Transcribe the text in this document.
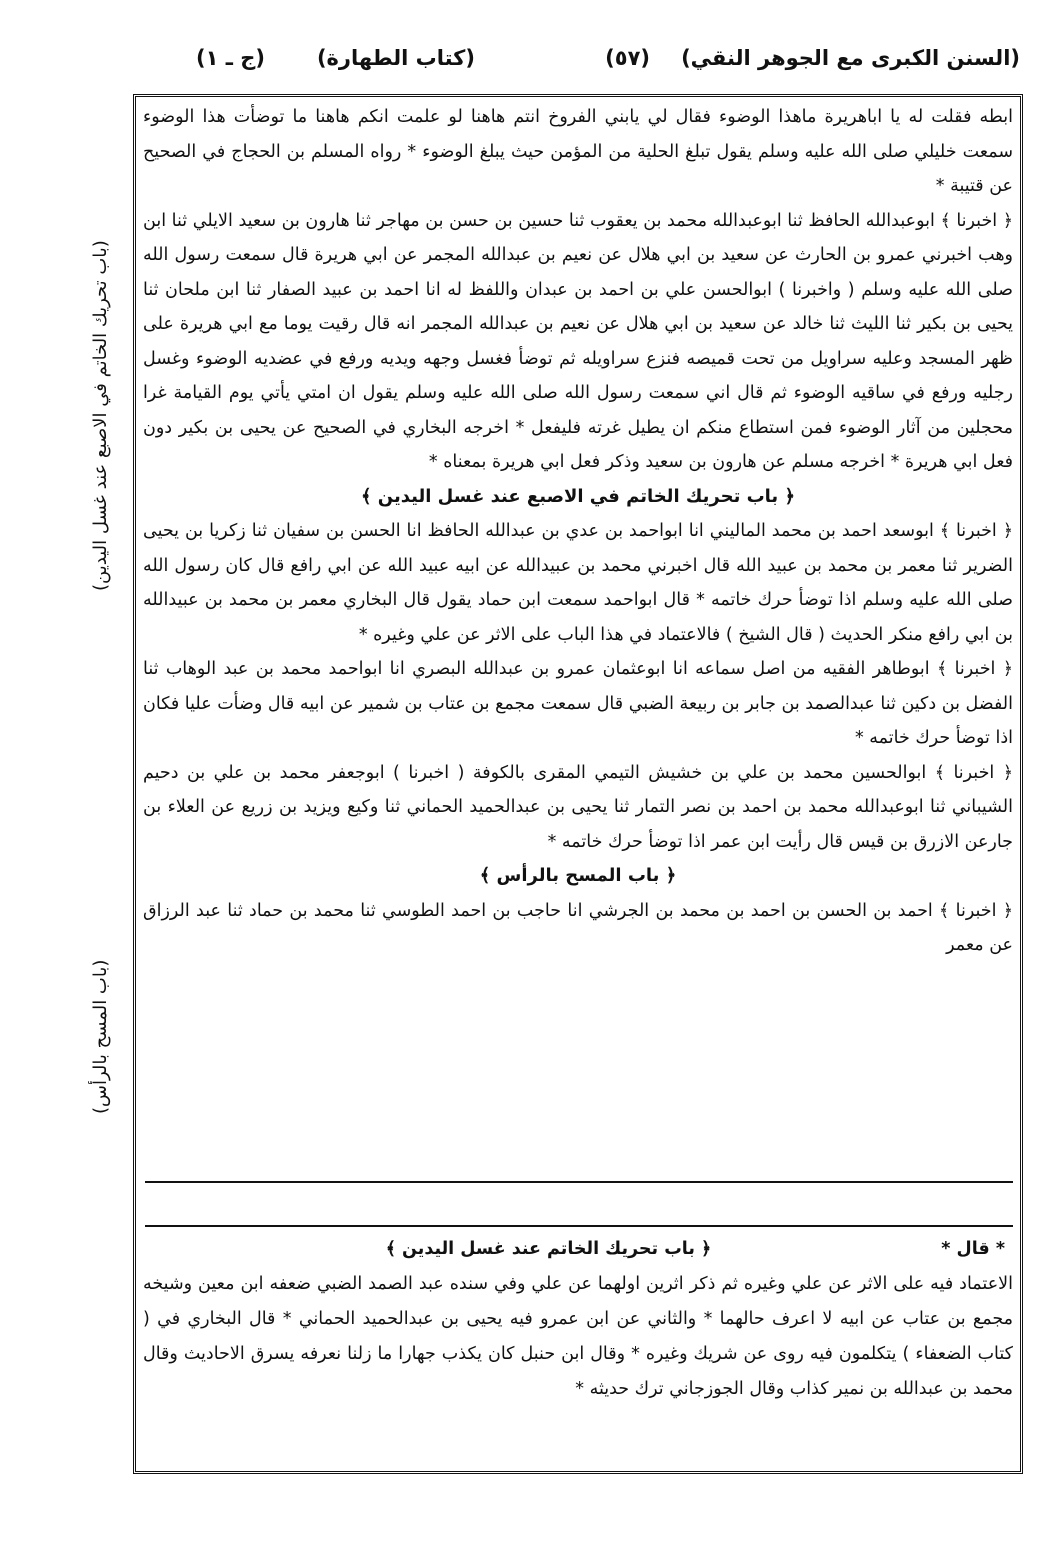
(السنن الكبرى مع الجوهر النقي)
(٥٧)
(كتاب الطهارة)
(ج ـ ١)
(باب تحريك الخاتم في الاصبع عند غسل اليدين)
(باب المسح بالرأس)

ابطه فقلت له يا اباهريرة ماهذا الوضوء فقال لي يابني الفروخ انتم هاهنا لو علمت انكم هاهنا ما توضأت هذا الوضوء سمعت خليلي صلى الله عليه وسلم يقول تبلغ الحلية من المؤمن حيث يبلغ الوضوء * رواه المسلم بن الحجاج في الصحيح عن قتيبة *

﴿ اخبرنا ﴾ ابوعبدالله الحافظ ثنا ابوعبدالله محمد بن يعقوب ثنا حسين بن حسن بن مهاجر ثنا هارون بن سعيد الايلي ثنا ابن وهب اخبرني عمرو بن الحارث عن سعيد بن ابي هلال عن نعيم بن عبدالله المجمر عن ابي هريرة قال سمعت رسول الله صلى الله عليه وسلم ( واخبرنا ) ابوالحسن علي بن احمد بن عبدان واللفظ له انا احمد بن عبيد الصفار ثنا ابن ملحان ثنا يحيى بن بكير ثنا الليث ثنا خالد عن سعيد بن ابي هلال عن نعيم بن عبدالله المجمر انه قال رقيت يوما مع ابي هريرة على ظهر المسجد وعليه سراويل من تحت قميصه فنزع سراويله ثم توضأ فغسل وجهه ويديه ورفع في عضديه الوضوء وغسل رجليه ورفع في ساقيه الوضوء ثم قال اني سمعت رسول الله صلى الله عليه وسلم يقول ان امتي يأتي يوم القيامة غرا محجلين من آثار الوضوء فمن استطاع منكم ان يطيل غرته فليفعل * اخرجه البخاري في الصحيح عن يحيى بن بكير دون فعل ابي هريرة * اخرجه مسلم عن هارون بن سعيد وذكر فعل ابي هريرة بمعناه *

﴿ باب تحريك الخاتم في الاصبع عند غسل اليدين ﴾

﴿ اخبرنا ﴾ ابوسعد احمد بن محمد الماليني انا ابواحمد بن عدي بن عبدالله الحافظ انا الحسن بن سفيان ثنا زكريا بن يحيى الضرير ثنا معمر بن محمد بن عبيد الله قال اخبرني محمد بن عبيدالله عن ابيه عبيد الله عن ابي رافع قال كان رسول الله صلى الله عليه وسلم اذا توضأ حرك خاتمه * قال ابواحمد سمعت ابن حماد يقول قال البخاري معمر بن محمد بن عبيدالله بن ابي رافع منكر الحديث ( قال الشيخ ) فالاعتماد في هذا الباب على الاثر عن علي وغيره *

﴿ اخبرنا ﴾ ابوطاهر الفقيه من اصل سماعه انا ابوعثمان عمرو بن عبدالله البصري انا ابواحمد محمد بن عبد الوهاب ثنا الفضل بن دكين ثنا عبدالصمد بن جابر بن ربيعة الضبي قال سمعت مجمع بن عتاب بن شمير عن ابيه قال وضأت عليا فكان اذا توضأ حرك خاتمه *

﴿ اخبرنا ﴾ ابوالحسين محمد بن علي بن خشيش التيمي المقرى بالكوفة ( اخبرنا ) ابوجعفر محمد بن علي بن دحيم الشيباني ثنا ابوعبدالله محمد بن احمد بن نصر التمار ثنا يحيى بن عبدالحميد الحماني ثنا وكيع ويزيد بن زريع عن العلاء بن جارعن الازرق بن قيس قال رأيت ابن عمر اذا توضأ حرك خاتمه *

﴿ باب المسح بالرأس ﴾

﴿ اخبرنا ﴾ احمد بن الحسن بن احمد بن محمد بن الجرشي انا حاجب بن احمد الطوسي ثنا محمد بن حماد ثنا عبد الرزاق عن معمر

* قال *
﴿ باب تحريك الخاتم عند غسل اليدين ﴾

الاعتماد فيه على الاثر عن علي وغيره ثم ذكر اثرين اولهما عن علي وفي سنده عبد الصمد الضبي ضعفه ابن معين وشيخه مجمع بن عتاب عن ابيه لا اعرف حالهما * والثاني عن ابن عمرو فيه يحيى بن عبدالحميد الحماني * قال البخاري في ( كتاب الضعفاء ) يتكلمون فيه روى عن شريك وغيره * وقال ابن حنبل كان يكذب جهارا ما زلنا نعرفه يسرق الاحاديث وقال محمد بن عبدالله بن نمير كذاب وقال الجوزجاني ترك حديثه *
